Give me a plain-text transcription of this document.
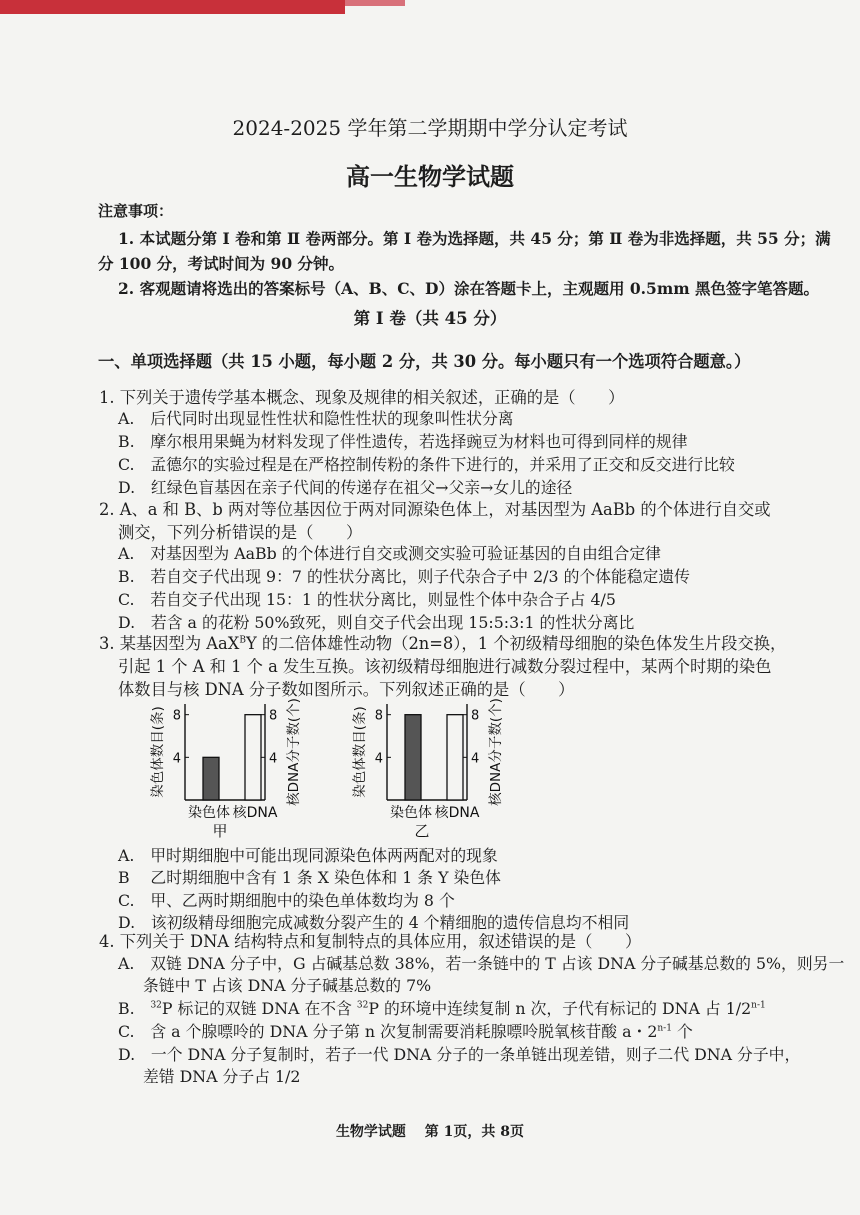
2024-2025 学年第二学期期中学分认定考试
高一生物学试题
注意事项：
1. 本试题分第 Ⅰ 卷和第 Ⅱ 卷两部分。第 Ⅰ 卷为选择题，共 45 分；第 Ⅱ 卷为非选择题，共 55 分；满
分 100 分，考试时间为 90 分钟。
2. 客观题请将选出的答案标号（A、B、C、D）涂在答题卡上，主观题用 0.5mm 黑色签字笔答题。
第 Ⅰ 卷（共 45 分）
一、单项选择题（共 15 小题，每小题 2 分，共 30 分。每小题只有一个选项符合题意。）
1. 下列关于遗传学基本概念、现象及规律的相关叙述，正确的是（　　）
A.　后代同时出现显性性状和隐性性状的现象叫性状分离
B.　摩尔根用果蝇为材料发现了伴性遗传，若选择豌豆为材料也可得到同样的规律
C.　孟德尔的实验过程是在严格控制传粉的条件下进行的，并采用了正交和反交进行比较
D.　红绿色盲基因在亲子代间的传递存在祖父→父亲→女儿的途径
2. A、a 和 B、b 两对等位基因位于两对同源染色体上，对基因型为 AaBb 的个体进行自交或
测交，下列分析错误的是（　　）
A.　对基因型为 AaBb 的个体进行自交或测交实验可验证基因的自由组合定律
B.　若自交子代出现 9：7 的性状分离比，则子代杂合子中 2/3 的个体能稳定遗传
C.　若自交子代出现 15：1 的性状分离比，则显性个体中杂合子占 4/5
D.　若含 a 的花粉 50%致死，则自交子代会出现 15:5:3:1 的性状分离比
3. 某基因型为 AaX$^B$Y 的二倍体雄性动物（2n=8），1 个初级精母细胞的染色体发生片段交换，
引起 1 个 A 和 1 个 a 发生互换。该初级精母细胞进行减数分裂过程中，某两个时期的染色
体数目与核 DNA 分子数如图所示。下列叙述正确的是（　　）
4	4
8	8
染色体 核DNA
甲
染色体数目(条)	核DNA分子数(个)	4	4
8	8
染色体 核DNA
乙
染色体数目(条)	核DNA分子数(个)
A.　甲时期细胞中可能出现同源染色体两两配对的现象
B　 乙时期细胞中含有 1 条 X 染色体和 1 条 Y 染色体
C.　甲、乙两时期细胞中的染色单体数均为 8 个
D.　该初级精母细胞完成减数分裂产生的 4 个精细胞的遗传信息均不相同
4. 下列关于 DNA 结构特点和复制特点的具体应用，叙述错误的是（　　）
A.　双链 DNA 分子中，G 占碱基总数 38%，若一条链中的 T 占该 DNA 分子碱基总数的 5%，则另一
条链中 T 占该 DNA 分子碱基总数的 7%
B.　$^{32}$P 标记的双链 DNA 在不含 $^{32}$P 的环境中连续复制 n 次，子代有标记的 DNA 占 1/2$^{n-1}$
C.　含 a 个腺嘌呤的 DNA 分子第 n 次复制需要消耗腺嘌呤脱氧核苷酸 a・2$^{n-1}$ 个
D.　一个 DNA 分子复制时，若子一代 DNA 分子的一条单链出现差错，则子二代 DNA 分子中，
差错 DNA 分子占 1/2
生物学试题　 第 1页，共 8页
